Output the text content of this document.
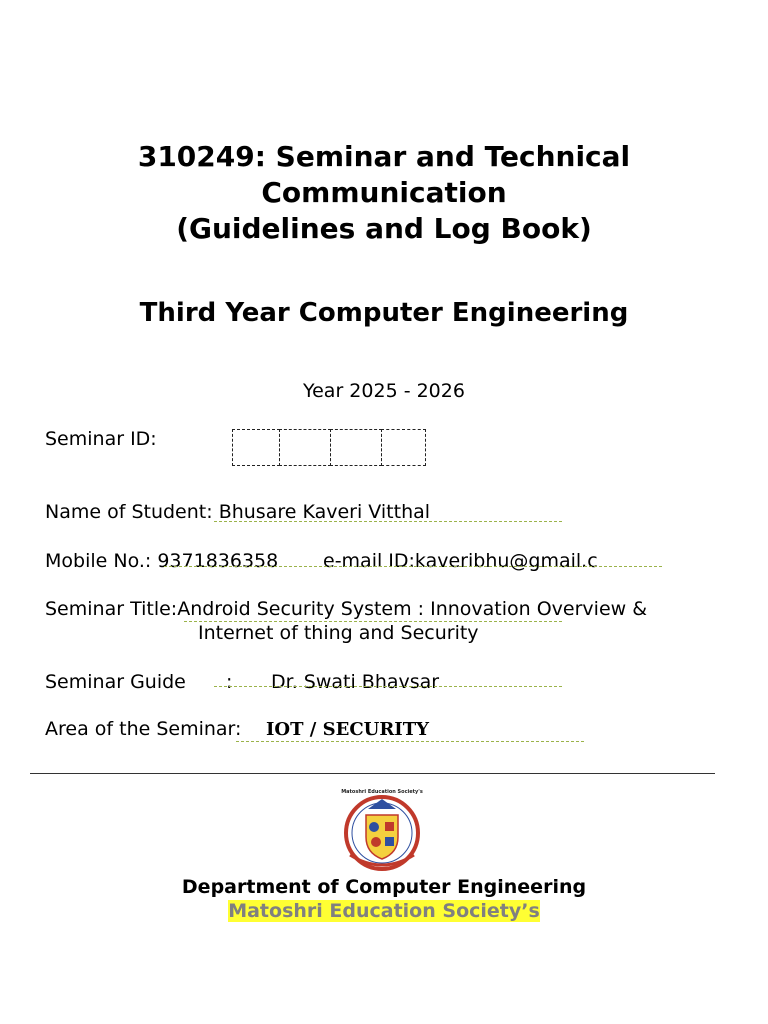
310249: Seminar and Technical
Communication
(Guidelines and Log Book)
Third Year Computer Engineering
Year 2025 - 2026
Seminar ID:
Name of Student: Bhusare Kaveri Vitthal
Mobile No.: 9371836358 e-mail ID:kaveribhu@gmail.c
Seminar Title:Android Security System : Innovation Overview &
Internet of thing and Security
Seminar Guide : Dr. Swati Bhavsar
Area of the Seminar: IOT / SECURITY
Matoshri Education Society's
Department of Computer Engineering
Matoshri Education Society’s
